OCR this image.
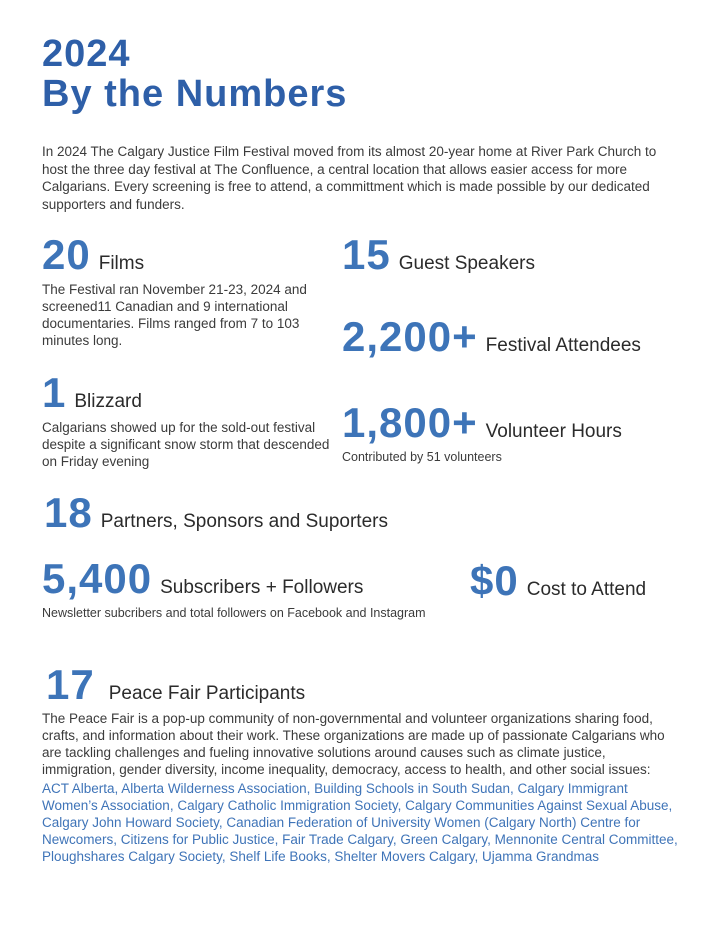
2024
By the Numbers

In 2024 The Calgary Justice Film Festival moved from its almost 20-year home at River Park Church to host the three day festival at The Confluence, a central location that allows easier access for more Calgarians. Every screening is free to attend, a committment which is made possible by our dedicated supporters and funders.

20 Films

The Festival ran November 21-23, 2024 and screened11 Canadian and 9 international documentaries. Films ranged from 7 to 103 minutes long.

15 Guest Speakers
2,200+ Festival Attendees
1 Blizzard

Calgarians showed up for the sold-out festival despite a significant snow storm that descended on Friday evening

1,800+ Volunteer Hours

Contributed by 51 volunteers

18 Partners, Sponsors and Suporters
5,400 Subscribers + Followers

Newsletter subcribers and total followers on Facebook and Instagram

$0 Cost to Attend
17 Peace Fair Participants

The Peace Fair is a pop-up community of non-governmental and volunteer organizations sharing food, crafts, and information about their work. These organizations are made up of passionate Calgarians who are tackling challenges and fueling innovative solutions around causes such as climate justice, immigration, gender diversity, income inequality, democracy, access to health, and other social issues:

ACT Alberta, Alberta Wilderness Association, Building Schools in South Sudan, Calgary Immigrant Women’s Association, Calgary Catholic Immigration Society, Calgary Communities Against Sexual Abuse, Calgary John Howard Society, Canadian Federation of University Women (Calgary North) Centre for Newcomers, Citizens for Public Justice, Fair Trade Calgary, Green Calgary, Mennonite Central Committee, Ploughshares Calgary Society, Shelf Life Books, Shelter Movers Calgary, Ujamma Grandmas
